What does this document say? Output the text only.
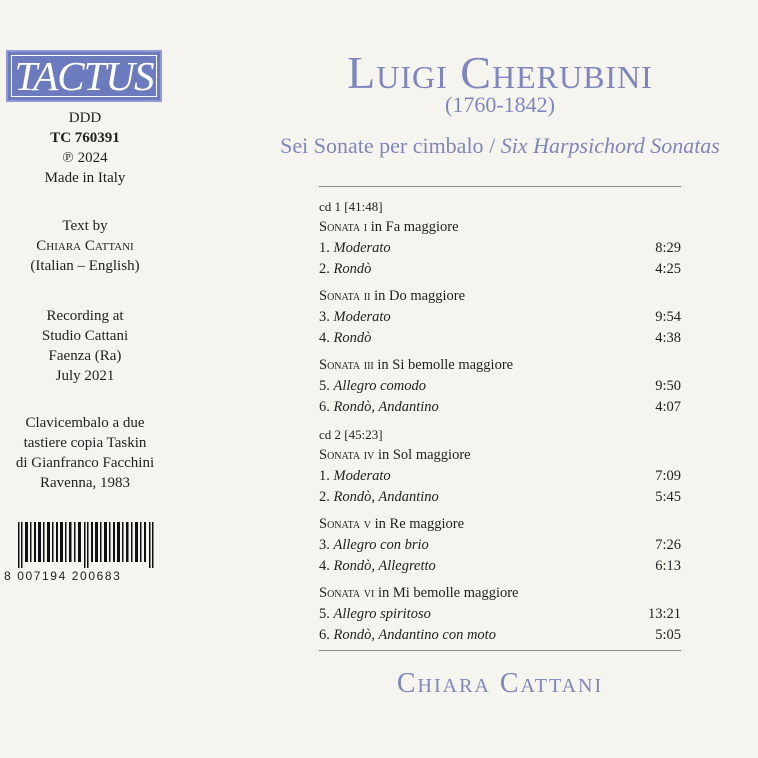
TACTUS
DDD
TC 760391
℗ 2024
Made in Italy
Text by
Chiara Cattani
(Italian – English)
Recording at
Studio Cattani
Faenza (Ra)
July 2021
Clavicembalo a due
tastiere copia Taskin
di Gianfranco Facchini
Ravenna, 1983
8 007194 200683
Luigi Cherubini
(1760-1842)
Sei Sonate per cimbalo / Six Harpsichord Sonatas
cd 1 [41:48]
Sonata i in Fa maggiore
1. Moderato	8:29
2. Rondò	4:25
Sonata ii in Do maggiore
3. Moderato	9:54
4. Rondò	4:38
Sonata iii in Si bemolle maggiore
5. Allegro comodo	9:50
6. Rondò, Andantino	4:07
cd 2 [45:23]
Sonata iv in Sol maggiore
1. Moderato	7:09
2. Rondò, Andantino	5:45
Sonata v in Re maggiore
3. Allegro con brio	7:26
4. Rondò, Allegretto	6:13
Sonata vi in Mi bemolle maggiore
5. Allegro spiritoso	13:21
6. Rondò, Andantino con moto	5:05
Chiara Cattani
